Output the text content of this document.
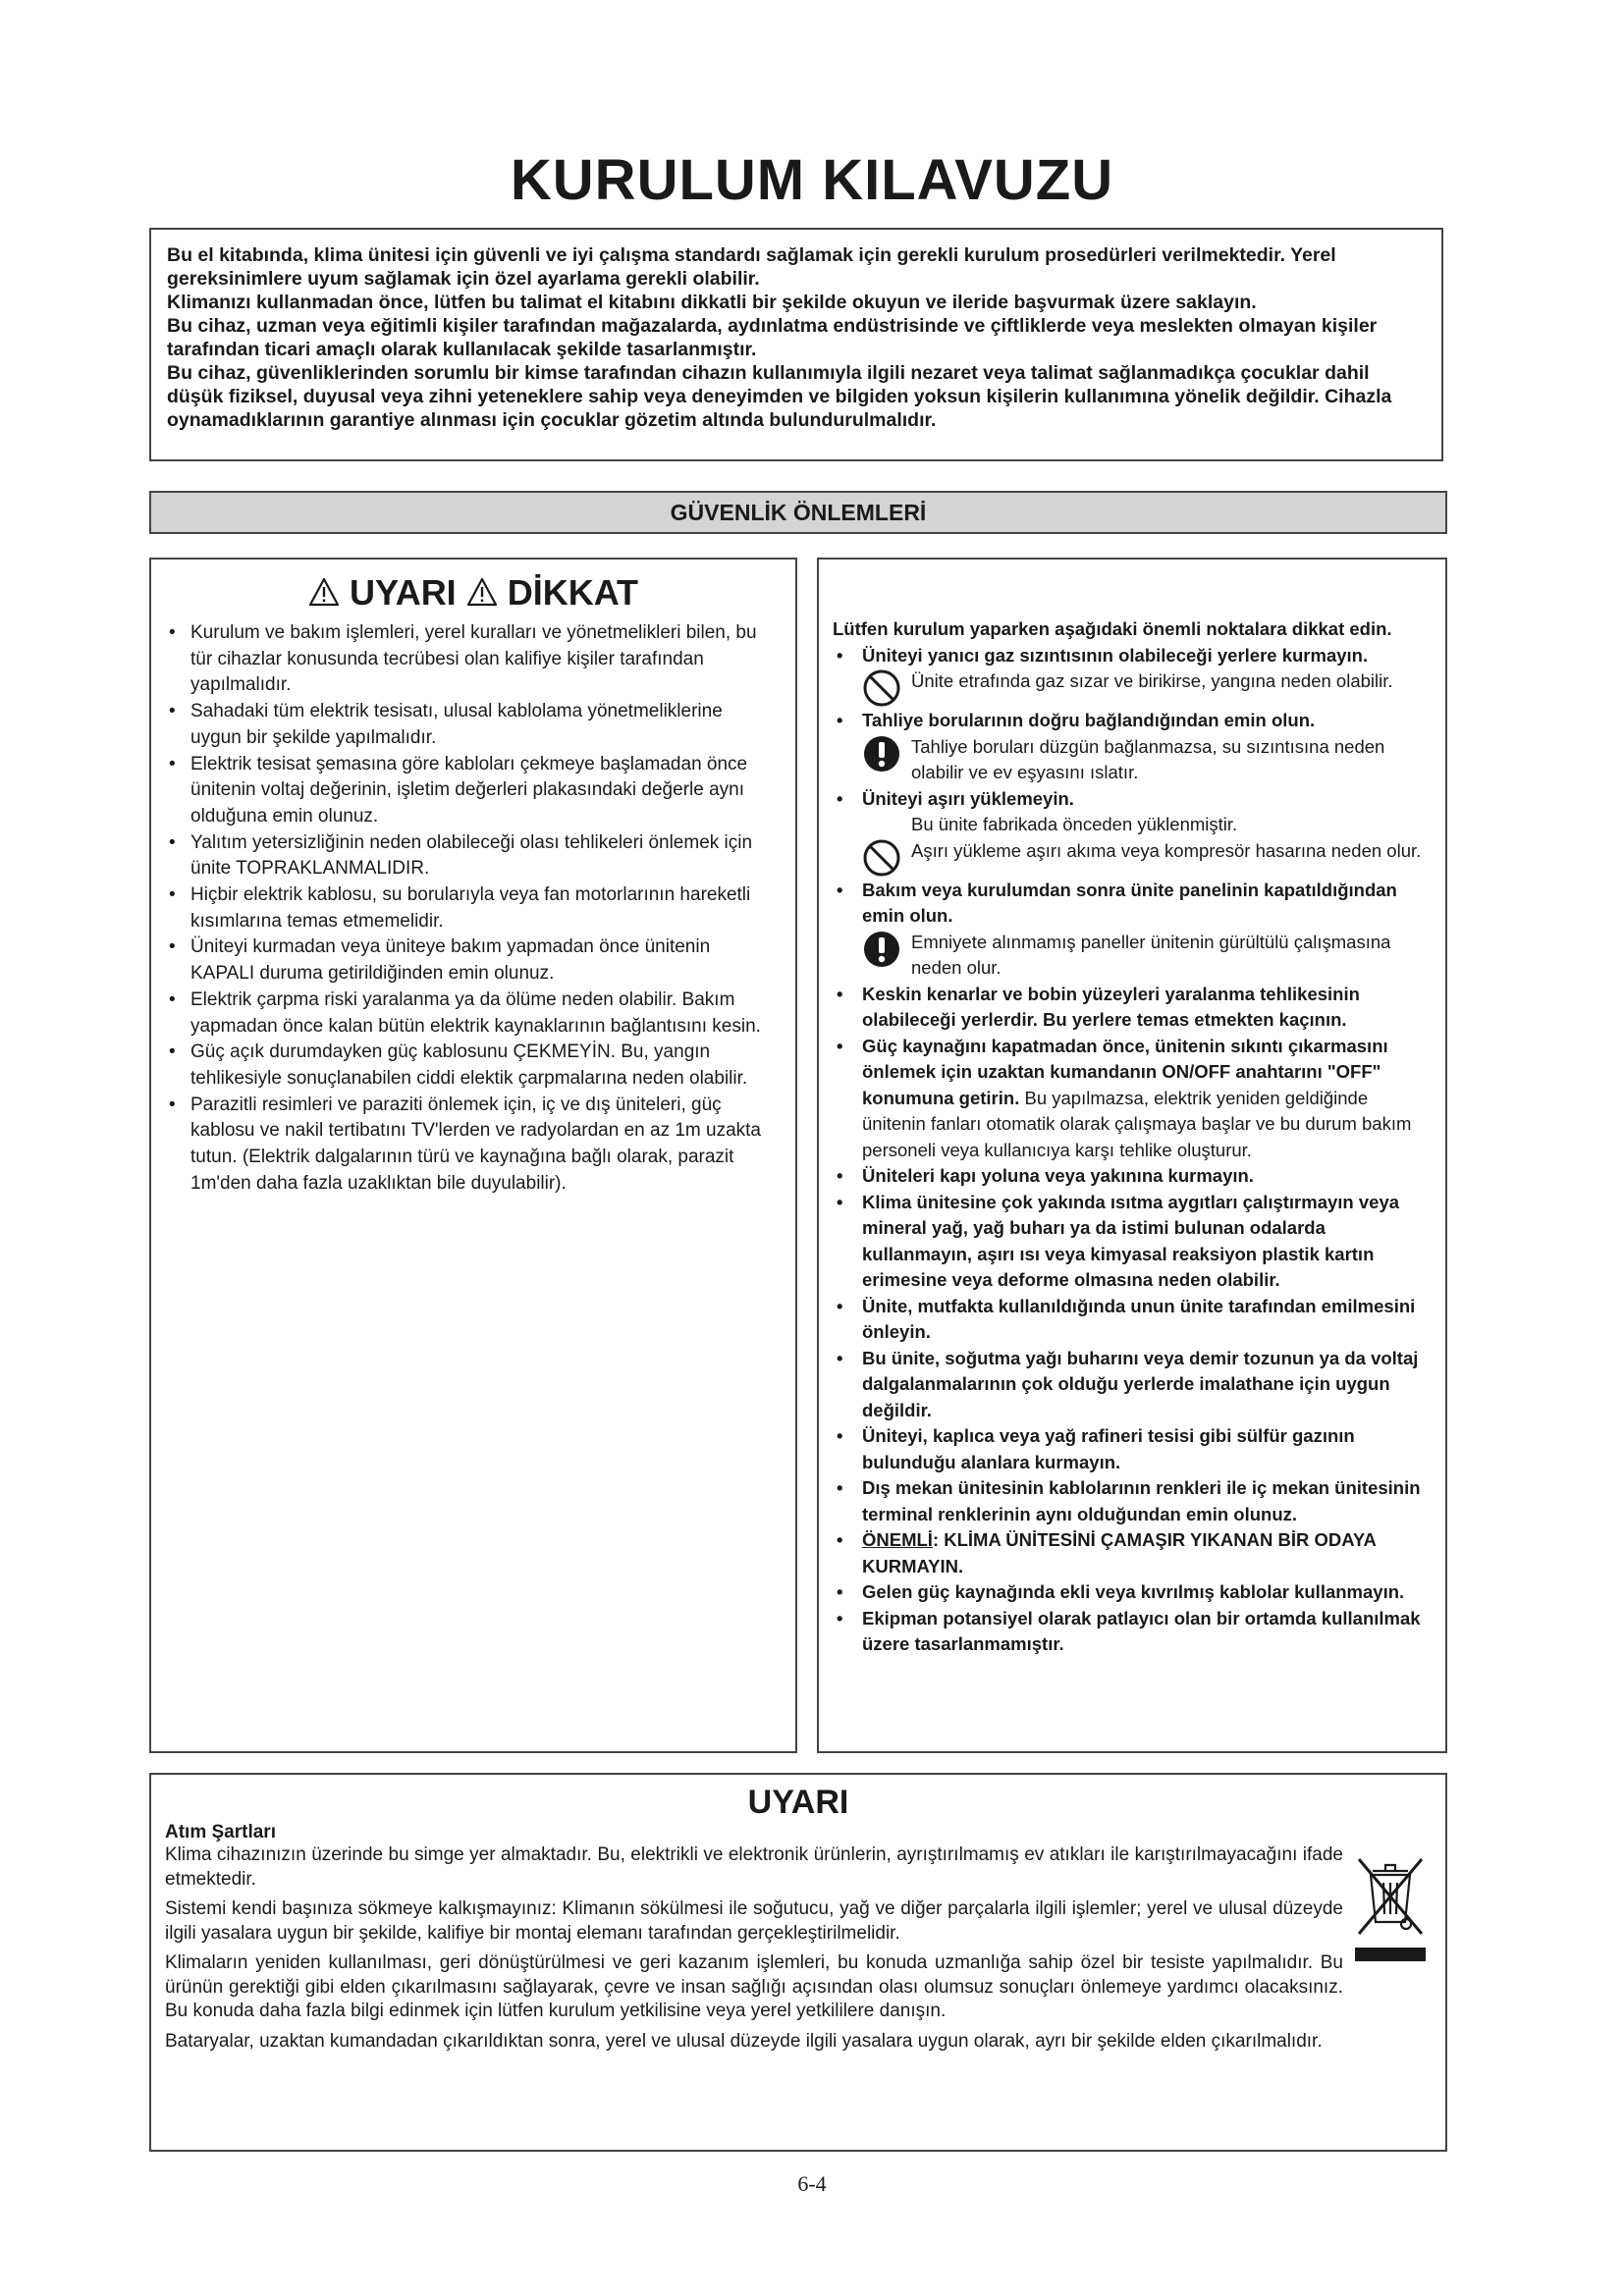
KURULUM KILAVUZU

Bu el kitabında, klima ünitesi için güvenli ve iyi çalışma standardı sağlamak için gerekli kurulum prosedürleri verilmektedir. Yerel gereksinimlere uyum sağlamak için özel ayarlama gerekli olabilir.

Klimanızı kullanmadan önce, lütfen bu talimat el kitabını dikkatli bir şekilde okuyun ve ileride başvurmak üzere saklayın.

Bu cihaz, uzman veya eğitimli kişiler tarafından mağazalarda, aydınlatma endüstrisinde ve çiftliklerde veya meslekten olmayan kişiler tarafından ticari amaçlı olarak kullanılacak şekilde tasarlanmıştır.

Bu cihaz, güvenliklerinden sorumlu bir kimse tarafından cihazın kullanımıyla ilgili nezaret veya talimat sağlanmadıkça çocuklar dahil düşük fiziksel, duyusal veya zihni yeteneklere sahip veya deneyimden ve bilgiden yoksun kişilerin kullanımına yönelik değildir. Cihazla oynamadıklarının garantiye alınması için çocuklar gözetim altında bulundurulmalıdır.

GÜVENLİK ÖNLEMLERİ
UYARI DİKKAT
• Kurulum ve bakım işlemleri, yerel kuralları ve yönetmelikleri bilen, bu tür cihazlar konusunda tecrübesi olan kalifiye kişiler tarafından yapılmalıdır.
• Sahadaki tüm elektrik tesisatı, ulusal kablolama yönetmeliklerine uygun bir şekilde yapılmalıdır.
• Elektrik tesisat şemasına göre kabloları çekmeye başlamadan önce ünitenin voltaj değerinin, işletim değerleri plakasındaki değerle aynı olduğuna emin olunuz.
• Yalıtım yetersizliğinin neden olabileceği olası tehlikeleri önlemek için ünite TOPRAKLANMALIDIR.
• Hiçbir elektrik kablosu, su borularıyla veya fan motorlarının hareketli kısımlarına temas etmemelidir.
• Üniteyi kurmadan veya üniteye bakım yapmadan önce ünitenin KAPALI duruma getirildiğinden emin olunuz.
• Elektrik çarpma riski yaralanma ya da ölüme neden olabilir. Bakım yapmadan önce kalan bütün elektrik kaynaklarının bağlantısını kesin.
• Güç açık durumdayken güç kablosunu ÇEKMEYİN. Bu, yangın tehlikesiyle sonuçlanabilen ciddi elektik çarpmalarına neden olabilir.
• Parazitli resimleri ve paraziti önlemek için, iç ve dış üniteleri, güç kablosu ve nakil tertibatını TV'lerden ve radyolardan en az 1m uzakta tutun. (Elektrik dalgalarının türü ve kaynağına bağlı olarak, parazit 1m'den daha fazla uzaklıktan bile duyulabilir).

Lütfen kurulum yaparken aşağıdaki önemli noktalara dikkat edin.

• Üniteyi yanıcı gaz sızıntısının olabileceği yerlere kurmayın.
Ünite etrafında gaz sızar ve birikirse, yangına neden olabilir.
• Tahliye borularının doğru bağlandığından emin olun.
Tahliye boruları düzgün bağlanmazsa, su sızıntısına neden olabilir ve ev eşyasını ıslatır.
• Üniteyi aşırı yüklemeyin.
Bu ünite fabrikada önceden yüklenmiştir.
Aşırı yükleme aşırı akıma veya kompresör hasarına neden olur.
• Bakım veya kurulumdan sonra ünite panelinin kapatıldığından emin olun.
Emniyete alınmamış paneller ünitenin gürültülü çalışmasına neden olur.
• Keskin kenarlar ve bobin yüzeyleri yaralanma tehlikesinin olabileceği yerlerdir. Bu yerlere temas etmekten kaçının.
• Güç kaynağını kapatmadan önce, ünitenin sıkıntı çıkarmasını önlemek için uzaktan kumandanın ON/OFF anahtarını "OFF" konumuna getirin. Bu yapılmazsa, elektrik yeniden geldiğinde ünitenin fanları otomatik olarak çalışmaya başlar ve bu durum bakım personeli veya kullanıcıya karşı tehlike oluşturur.
• Üniteleri kapı yoluna veya yakınına kurmayın.
• Klima ünitesine çok yakında ısıtma aygıtları çalıştırmayın veya mineral yağ, yağ buharı ya da istimi bulunan odalarda kullanmayın, aşırı ısı veya kimyasal reaksiyon plastik kartın erimesine veya deforme olmasına neden olabilir.
• Ünite, mutfakta kullanıldığında unun ünite tarafından emilmesini önleyin.
• Bu ünite, soğutma yağı buharını veya demir tozunun ya da voltaj dalgalanmalarının çok olduğu yerlerde imalathane için uygun değildir.
• Üniteyi, kaplıca veya yağ rafineri tesisi gibi sülfür gazının bulunduğu alanlara kurmayın.
• Dış mekan ünitesinin kablolarının renkleri ile iç mekan ünitesinin terminal renklerinin aynı olduğundan emin olunuz.
• ÖNEMLİ: KLİMA ÜNİTESİNİ ÇAMAŞIR YIKANAN BİR ODAYA KURMAYIN.
• Gelen güç kaynağında ekli veya kıvrılmış kablolar kullanmayın.
• Ekipman potansiyel olarak patlayıcı olan bir ortamda kullanılmak üzere tasarlanmamıştır.

UYARI

Atım Şartları

Klima cihazınızın üzerinde bu simge yer almaktadır. Bu, elektrikli ve elektronik ürünlerin, ayrıştırılmamış ev atıkları ile karıştırılmayacağını ifade etmektedir.

Sistemi kendi başınıza sökmeye kalkışmayınız: Klimanın sökülmesi ile soğutucu, yağ ve diğer parçalarla ilgili işlemler; yerel ve ulusal düzeyde ilgili yasalara uygun bir şekilde, kalifiye bir montaj elemanı tarafından gerçekleştirilmelidir.

Klimaların yeniden kullanılması, geri dönüştürülmesi ve geri kazanım işlemleri, bu konuda uzmanlığa sahip özel bir tesiste yapılmalıdır. Bu ürünün gerektiği gibi elden çıkarılmasını sağlayarak, çevre ve insan sağlığı açısından olası olumsuz sonuçları önlemeye yardımcı olacaksınız. Bu konuda daha fazla bilgi edinmek için lütfen kurulum yetkilisine veya yerel yetkililere danışın.

Bataryalar, uzaktan kumandadan çıkarıldıktan sonra, yerel ve ulusal düzeyde ilgili yasalara uygun olarak, ayrı bir şekilde elden çıkarılmalıdır.

6-4
